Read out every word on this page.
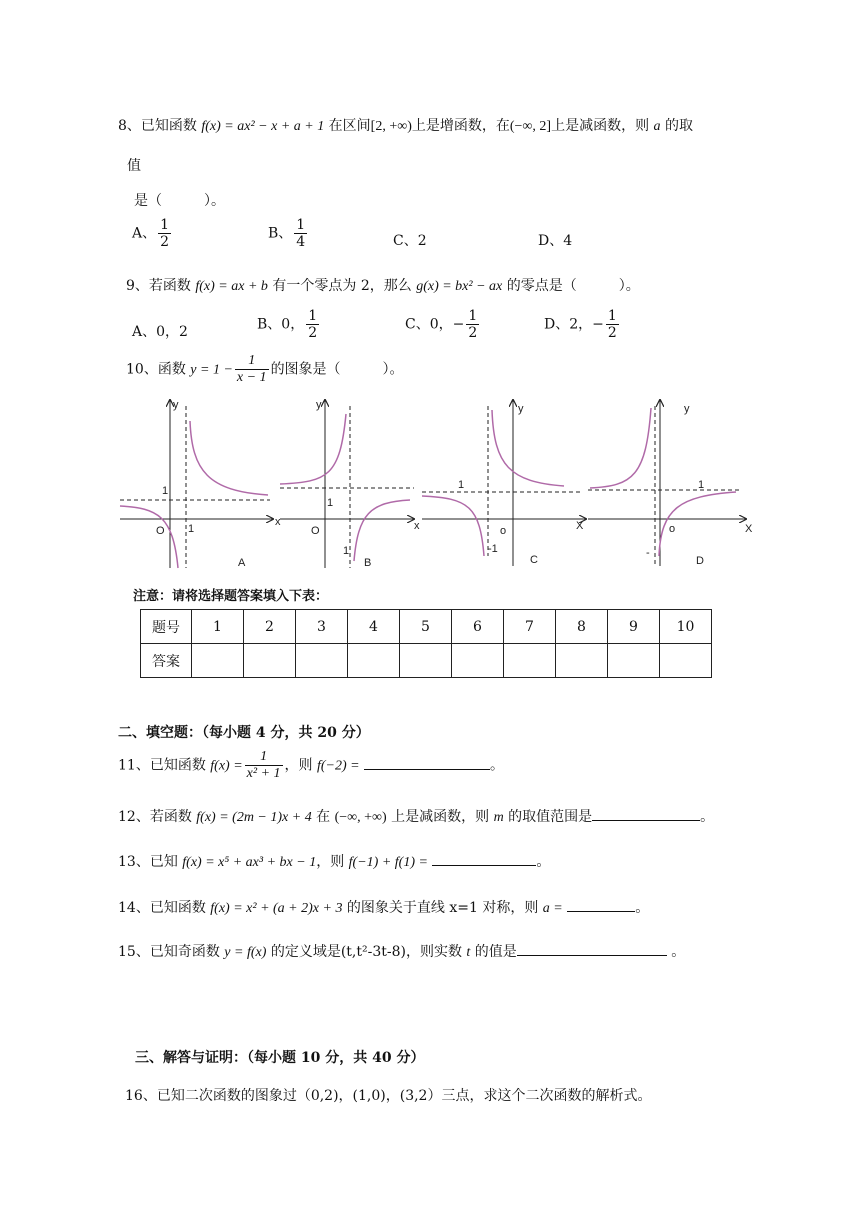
8、已知函数 f(x) = ax² − x + a + 1 在区间[2, +∞)上是增函数，在(−∞, 2]上是减函数，则 a 的取
值
是（　　　）。
A、 $\frac{1}{2}$	B、 $\frac{1}{4}$	C、2	D、4
9、若函数 f(x) = ax + b 有一个零点为 2，那么 g(x) = bx² − ax 的零点是（　　　）。
A、0，2	B、0， $\frac{1}{2}$	C、0，− $\frac{1}{2}$	D、2，− $\frac{1}{2}$
10、函数 $y = 1 - \frac{1}{x - 1}$ 的图象是（　　　）。
O
1
1
x
y
A
O
1
1
x
y
B
o
1
-1
X
y
C
o
1
-
X
y
D
注意：请将选择题答案填入下表：
题号	1	2	3	4	5	6	7	8	9	10
答案										
二、填空题：（每小题 4 分，共 20 分）
11、已知函数 $f(x) = \frac{1}{\text{x² + 1}}$ ，则 f(−2) =	。
12、若函数 f(x) = (2m − 1)x + 4 在 (−∞, +∞) 上是减函数，则 m 的取值范围是	。
13、已知 f(x) = x⁵ + ax³ + bx − 1，则 f(−1) + f(1) =	。
14、已知函数 f(x) = x² + (a + 2)x + 3 的图象关于直线 x=1 对称，则 a =	。
15、已知奇函数 y = f(x) 的定义域是(t,t²-3t-8)，则实数 t 的值是	。
三、解答与证明：（每小题 10 分，共 40 分）
16、已知二次函数的图象过（0,2)，(1,0)，(3,2）三点，求这个二次函数的解析式。
